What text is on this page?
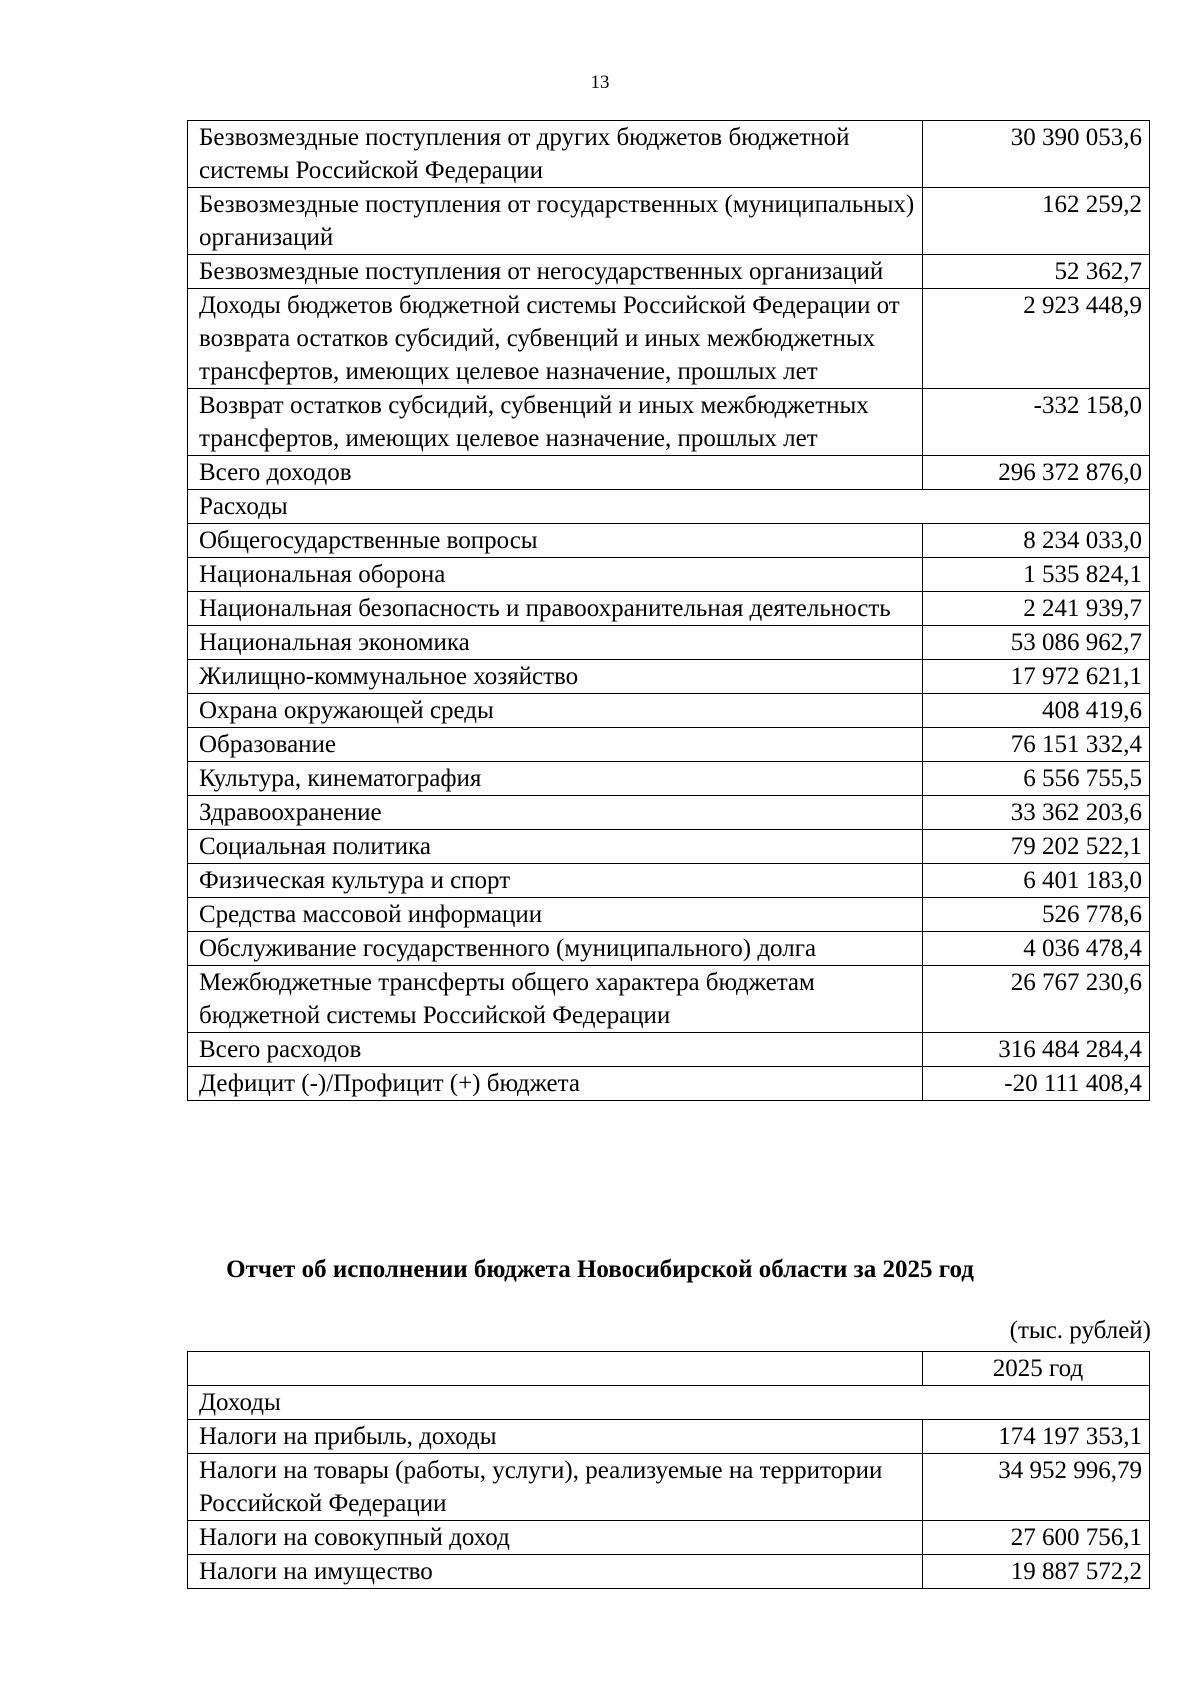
13
Безвозмездные поступления от других бюджетов бюджетной системы Российской Федерации	30 390 053,6
Безвозмездные поступления от государственных (муниципальных) организаций	162 259,2
Безвозмездные поступления от негосударственных организаций	52 362,7
Доходы бюджетов бюджетной системы Российской Федерации от возврата остатков субсидий, субвенций и иных межбюджетных трансфертов, имеющих целевое назначение, прошлых лет	2 923 448,9
Возврат остатков субсидий, субвенций и иных межбюджетных трансфертов, имеющих целевое назначение, прошлых лет	-332 158,0
Всего доходов	296 372 876,0
Расходы	
Общегосударственные вопросы	8 234 033,0
Национальная оборона	1 535 824,1
Национальная безопасность и правоохранительная деятельность	2 241 939,7
Национальная экономика	53 086 962,7
Жилищно-коммунальное хозяйство	17 972 621,1
Охрана окружающей среды	408 419,6
Образование	76 151 332,4
Культура, кинематография	6 556 755,5
Здравоохранение	33 362 203,6
Социальная политика	79 202 522,1
Физическая культура и спорт	6 401 183,0
Средства массовой информации	526 778,6
Обслуживание государственного (муниципального) долга	4 036 478,4
Межбюджетные трансферты общего характера бюджетам бюджетной системы Российской Федерации	26 767 230,6
Всего расходов	316 484 284,4
Дефицит (-)/Профицит (+) бюджета	-20 111 408,4
Отчет об исполнении бюджета Новосибирской области за 2025 год
(тыс. рублей)
	2025 год
Доходы	
Налоги на прибыль, доходы	174 197 353,1
Налоги на товары (работы, услуги), реализуемые на территории Российской Федерации	34 952 996,79
Налоги на совокупный доход	27 600 756,1
Налоги на имущество	19 887 572,2
